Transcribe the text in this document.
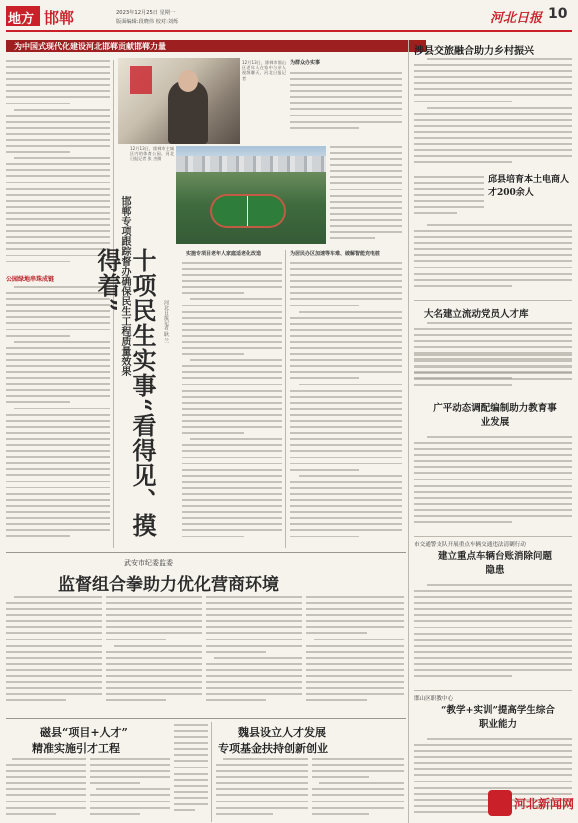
地方 邯郸	2023年12月25日 星期一
版面编辑:段晓伟 校对:刘烁	河北日报 10
为中国式现代化建设河北邯郸贡献邯郸力量
公园绿地串珠成链
12月13日，邯郸市邯山区老年人在家中与亲人视频聊天。河北日报记者
12月13日，邯郸市主城区内的体育公园。河北日报记者 张 杰摄
十项民生实事“看得见、摸得着”
邯郸专项跟踪督办确保民生工程质量效果	河北日报记者 耿 兰
实施专项目老年人家庭适老化改造	为居民办区加速等车难、破解智能充电桩
为群众办实事
涉县交旅融合助力乡村振兴
邱县培育本土电商人才200余人
大名建立流动党员人才库
广平动态调配编制助力教育事业发展
市交通警支队开展重点车辆交通违法清剿行动
建立重点车辆台账消除问题隐患
邯山区职教中心
“教学+实训”提高学生综合职业能力
武安市纪委监委
监督组合拳助力优化营商环境
磁县“项目+人才”
精准实施引才工程
魏县设立人才发展
专项基金扶持创新创业
河北新闻网
